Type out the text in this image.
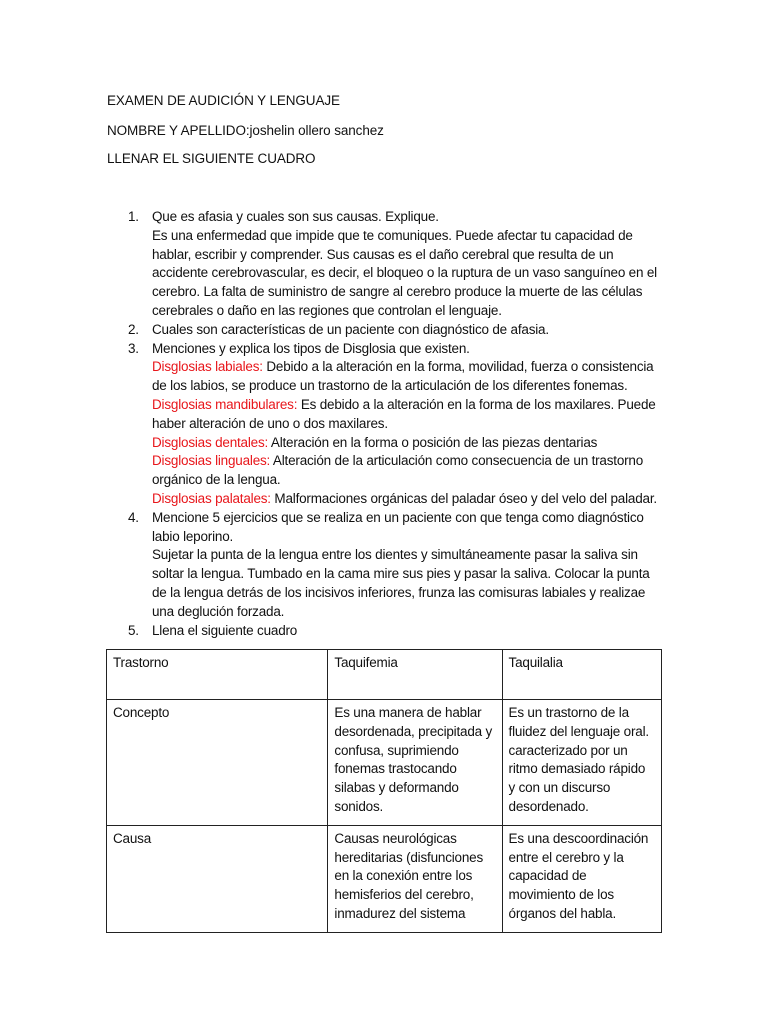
EXAMEN DE AUDICIÓN Y LENGUAJE
NOMBRE Y APELLIDO:joshelin ollero sanchez
LLENAR EL SIGUIENTE CUADRO
1. Que es afasia y cuales son sus causas. Explique.
Es una enfermedad que impide que te comuniques. Puede afectar tu capacidad de hablar, escribir y comprender. Sus causas es el daño cerebral que resulta de un accidente cerebrovascular, es decir, el bloqueo o la ruptura de un vaso sanguíneo en el cerebro. La falta de suministro de sangre al cerebro produce la muerte de las células cerebrales o daño en las regiones que controlan el lenguaje.
2. Cuales son características de un paciente con diagnóstico de afasia.
3. Menciones y explica los tipos de Disglosia que existen.
Disglosias labiales: Debido a la alteración en la forma, movilidad, fuerza o consistencia de los labios, se produce un trastorno de la articulación de los diferentes fonemas.
Disglosias mandibulares: Es debido a la alteración en la forma de los maxilares. Puede haber alteración de uno o dos maxilares.
Disglosias dentales: Alteración en la forma o posición de las piezas dentarias
Disglosias linguales: Alteración de la articulación como consecuencia de un trastorno orgánico de la lengua.
Disglosias palatales: Malformaciones orgánicas del paladar óseo y del velo del paladar.
4. Mencione 5 ejercicios que se realiza en un paciente con que tenga como diagnóstico labio leporino.
Sujetar la punta de la lengua entre los dientes y simultáneamente pasar la saliva sin soltar la lengua. Tumbado en la cama mire sus pies y pasar la saliva. Colocar la punta de la lengua detrás de los incisivos inferiores, frunza las comisuras labiales y realizae una deglución forzada.
5. Llena el siguiente cuadro
Trastorno	Taquifemia	Taquilalia
Concepto	Es una manera de hablar desordenada, precipitada y confusa, suprimiendo fonemas trastocando silabas y deformando sonidos.	Es un trastorno de la fluidez del lenguaje oral. caracterizado por un ritmo demasiado rápido y con un discurso desordenado.
Causa	Causas neurológicas hereditarias (disfunciones en la conexión entre los hemisferios del cerebro, inmadurez del sistema	Es una descoordinación entre el cerebro y la capacidad de movimiento de los órganos del habla.
